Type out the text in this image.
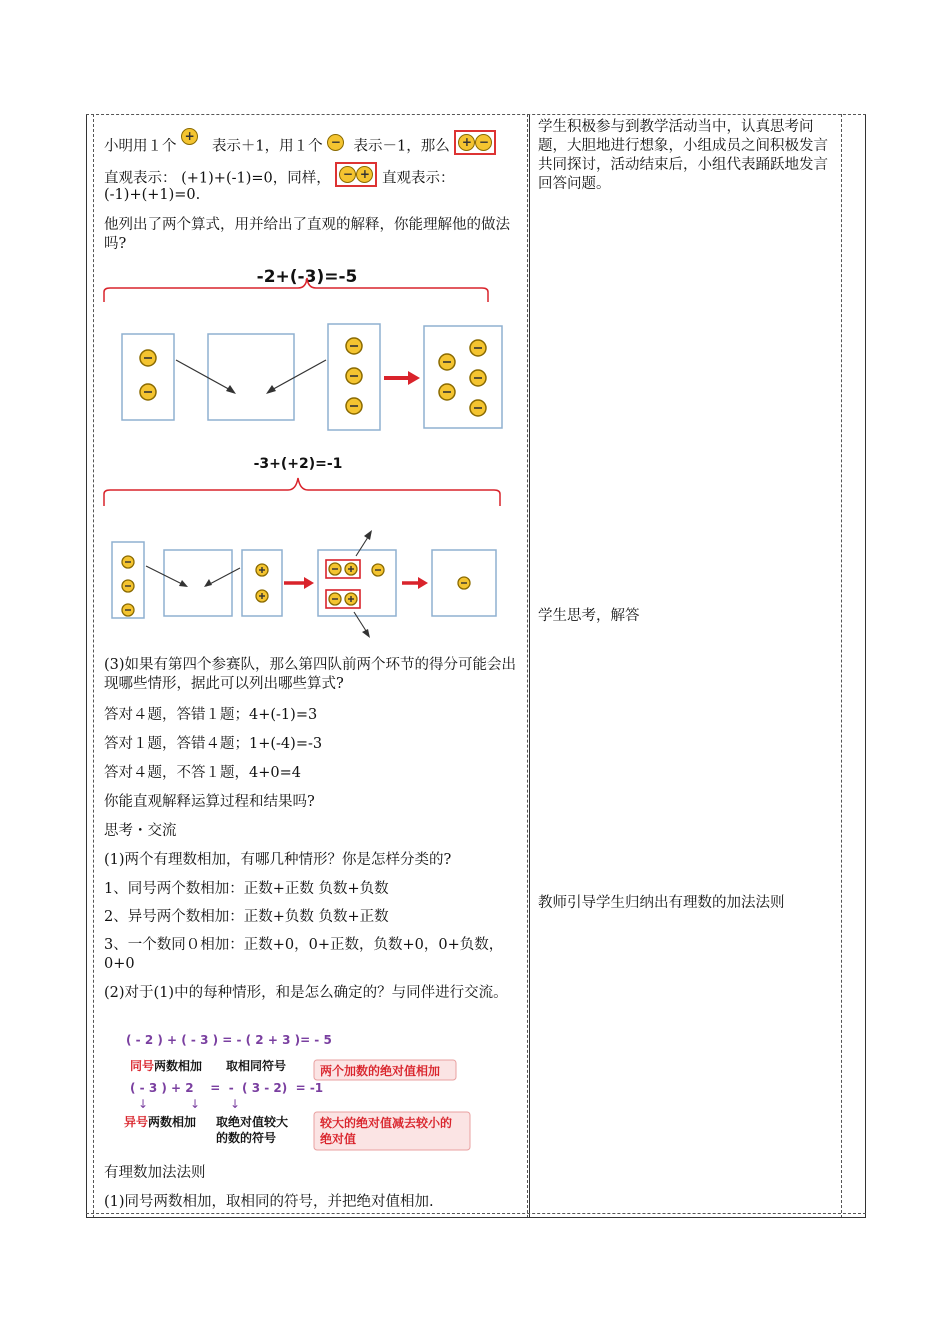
小明用１个 +   表示＋1，用１个 − 表示－1，那么 + −
直观表示： (+1)+(-1)=0，同样， − + 直观表示：
(-1)+(+1)=0.
他列出了两个算式，用并给出了直观的解释，你能理解他的做法吗?
-2+(-3)=-5
-3+(+2)=-1
(3)如果有第四个参赛队，那么第四队前两个环节的得分可能会出现哪些情形，据此可以列出哪些算式?
答对４题，答错１题；4+(-1)=3
答对１题，答错４题；1+(-4)=-3
答对４题，不答１题，4+0=4
你能直观解释运算过程和结果吗?
思考・交流
(1)两个有理数相加，有哪几种情形？你是怎样分类的?
1、同号两个数相加：正数+正数 负数+负数
2、异号两个数相加：正数+负数 负数+正数
3、一个数同０相加：正数+0，0+正数，负数+0，0+负数，0+0
(2)对于(1)中的每种情形，和是怎么确定的？与同伴进行交流。
( - 2 ) + ( - 3 ) = - ( 2 + 3 )= - 5
同号两数相加 取相同符号	两个加数的绝对值相加
( - 3 ) + 2    =  -  ( 3 - 2)  = -1
↓	↓ ↓
异号两数相加 取绝对值较大
的数的符号
较大的绝对值减去较小的
绝对值
有理数加法法则
(1)同号两数相加，取相同的符号，并把绝对值相加.
学生积极参与到教学活动当中，认真思考问题，大胆地进行想象，小组成员之间积极发言共同探讨，活动结束后，小组代表踊跃地发言回答问题。
学生思考，解答
教师引导学生归纳出有理数的加法法则
